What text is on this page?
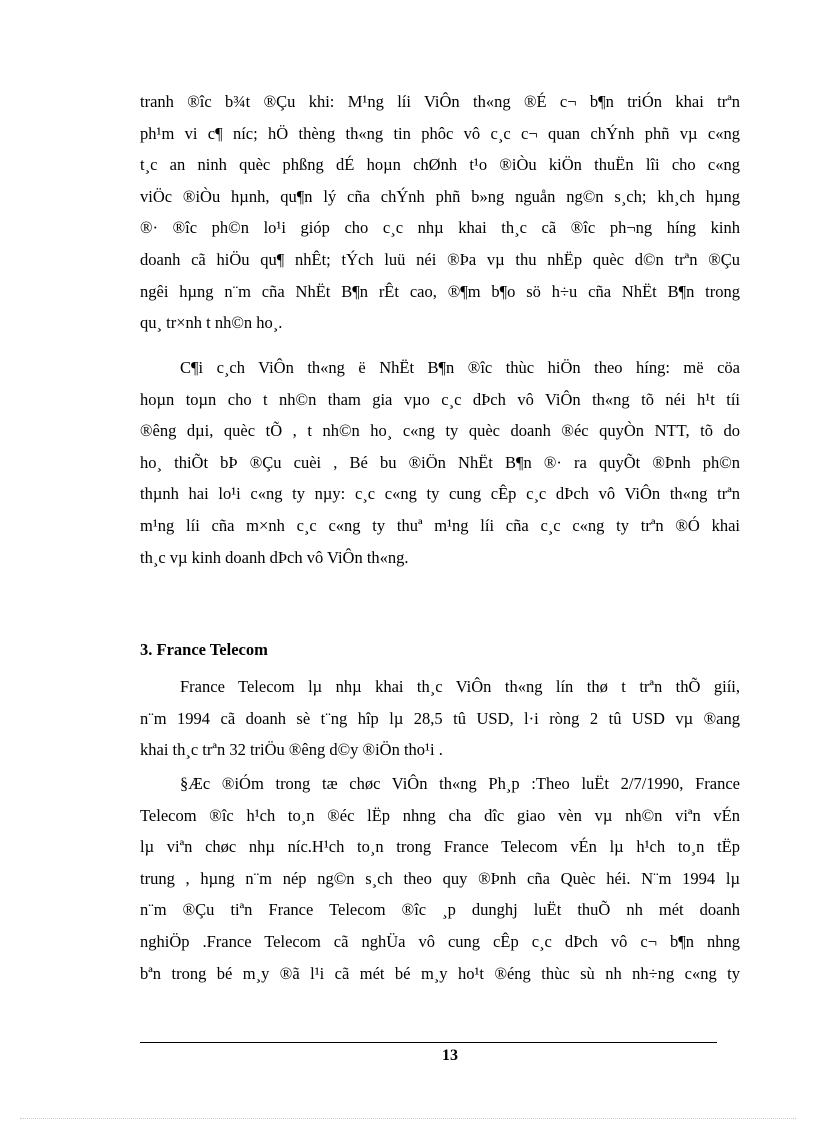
tranh ®îc b¾t ®Çu khi: M¹ng líi ViÔn th«ng ®É c¬ b¶n triÓn khai trªn
ph¹m vi c¶ níc; hÖ thèng th«ng tin phôc vô c¸c c¬ quan chÝnh phñ vµ c«ng
t¸c an ninh quèc phßng dÉ hoµn chØnh t¹o ®iÒu kiÖn thuËn lîi cho c«ng
viÖc ®iÒu hµnh, qu¶n lý cña chÝnh phñ b»ng nguån ng©n s¸ch; kh¸ch hµng
®· ®îc ph©n lo¹i gióp cho c¸c nhµ khai th¸c cã ®îc ph¬ng híng kinh
doanh cã hiÖu qu¶ nhÊt; tÝch luü néi ®Þa vµ thu nhËp quèc d©n trªn ®Çu
ngêi hµng n¨m cña NhËt B¶n rÊt cao, ®¶m b¶o sö h÷u cña NhËt B¶n trong
qu¸ tr×nh t nh©n ho¸.
C¶i c¸ch ViÔn th«ng ë NhËt B¶n ®îc thùc hiÖn theo híng: më cöa
hoµn toµn cho t nh©n tham gia vµo c¸c dÞch vô ViÔn th«ng tõ néi h¹t tíi
®êng dµi, quèc tÕ , t nh©n ho¸ c«ng ty quèc doanh ®éc quyÒn NTT, tõ do
ho¸ thiÕt bÞ ®Çu cuèi , Bé bu ®iÖn NhËt B¶n ®· ra quyÕt ®Þnh ph©n
thµnh hai lo¹i c«ng ty nµy: c¸c c«ng ty cung cÊp c¸c dÞch vô ViÔn th«ng trªn
m¹ng líi cña m×nh c¸c c«ng ty thuª m¹ng líi cña c¸c c«ng ty trªn ®Ó khai
th¸c vµ kinh doanh dÞch vô ViÔn th«ng.
3. France Telecom
France Telecom lµ nhµ khai th¸c ViÔn th«ng lín thø t trªn thÕ giíi,
n¨m 1994 cã doanh sè t¨ng hîp lµ 28,5 tû USD, l·i ròng 2 tû USD vµ ®ang
khai th¸c trªn 32 triÖu ®êng d©y ®iÖn tho¹i .
§Æc ®iÓm trong tæ chøc ViÔn th«ng Ph¸p :Theo luËt 2/7/1990, France
Telecom ®îc h¹ch to¸n ®éc lËp nhng cha dîc giao vèn vµ nh©n viªn vÉn
lµ viªn chøc nhµ níc.H¹ch to¸n trong France Telecom vÉn lµ h¹ch to¸n tËp
trung , hµng n¨m nép ng©n s¸ch theo quy ®Þnh cña Quèc héi. N¨m 1994 lµ
n¨m ®Çu tiªn France Telecom ®îc ¸p dunghj luËt thuÕ nh mét doanh
nghiÖp .France Telecom cã nghÜa vô cung cÊp c¸c dÞch vô c¬ b¶n nhng
bªn trong bé m¸y ®ã l¹i cã mét bé m¸y ho¹t ®éng thùc sù nh nh÷ng c«ng ty
13
